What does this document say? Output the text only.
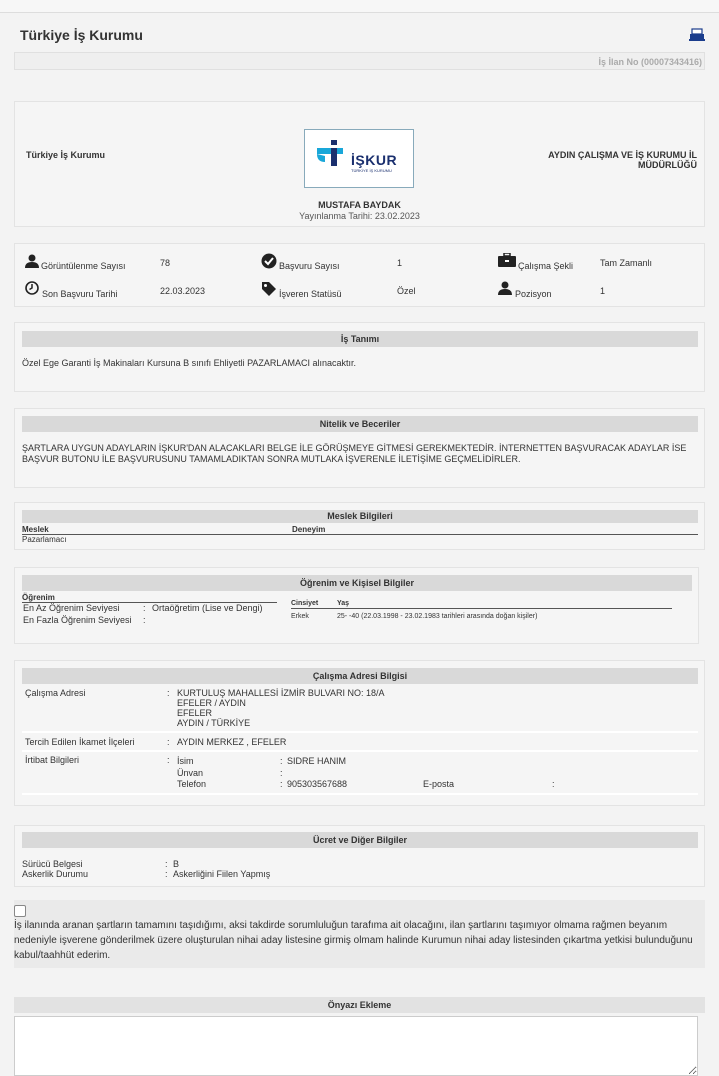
Türkiye İş Kurumu
İş İlan No (00007343416)
Türkiye İş Kurumu	İŞKUR
TÜRKİYE İŞ KURUMU
AYDIN ÇALIŞMA VE İŞ KURUMU İL MÜDÜRLÜĞÜ
MUSTAFA BAYDAK
Yayınlanma Tarihi: 23.02.2023
Görüntülenme Sayısı	78	Başvuru Sayısı	1	Çalışma Şekli	Tam Zamanlı
Son Başvuru Tarihi	22.03.2023	İşveren Statüsü	Özel	Pozisyon	1
İş Tanımı
Özel Ege Garanti İş Makinaları Kursuna B sınıfı Ehliyetli PAZARLAMACI alınacaktır.
Nitelik ve Beceriler
ŞARTLARA UYGUN ADAYLARIN İŞKUR'DAN ALACAKLARI BELGE İLE GÖRÜŞMEYE GİTMESİ GEREKMEKTEDİR. İNTERNETTEN BAŞVURACAK ADAYLAR İSE BAŞVUR BUTONU İLE BAŞVURUSUNU TAMAMLADIKTAN SONRA MUTLAKA İŞVERENLE İLETİŞİME GEÇMELİDİRLER.
Meslek Bilgileri
Meslek	Deneyim
Pazarlamacı
Öğrenim ve Kişisel Bilgiler
Öğrenim
En Az Öğrenim Seviyesi	: Ortaöğretim (Lise ve Dengi)
En Fazla Öğrenim Seviyesi :
Cinsiyet	Yaş
Erkek	25- -40 (22.03.1998 - 23.02.1983 tarihleri arasında doğan kişiler)
Çalışma Adresi Bilgisi
Çalışma Adresi	: KURTULUŞ MAHALLESİ İZMİR BULVARI NO: 18/A
EFELER / AYDIN
EFELER
AYDIN / TÜRKİYE
Tercih Edilen İkamet İlçeleri	: AYDIN MERKEZ , EFELER
İrtibat Bilgileri	: İsim	: SIDRE HANIM
Ünvan	:
Telefon	: 905303567688	E-posta	:
Ücret ve Diğer Bilgiler
Sürücü Belgesi	: B
Askerlik Durumu	: Askerliğini Fiilen Yapmış
İş ilanında aranan şartların tamamını taşıdığımı, aksi takdirde sorumluluğun tarafıma ait olacağını, ilan şartlarını taşımıyor olmama rağmen beyanım nedeniyle işverene gönderilmek üzere oluşturulan nihai aday listesine girmiş olmam halinde Kurumun nihai aday listesinden çıkartma yetkisi bulunduğunu kabul/taahhüt ederim.
Önyazı Ekleme
